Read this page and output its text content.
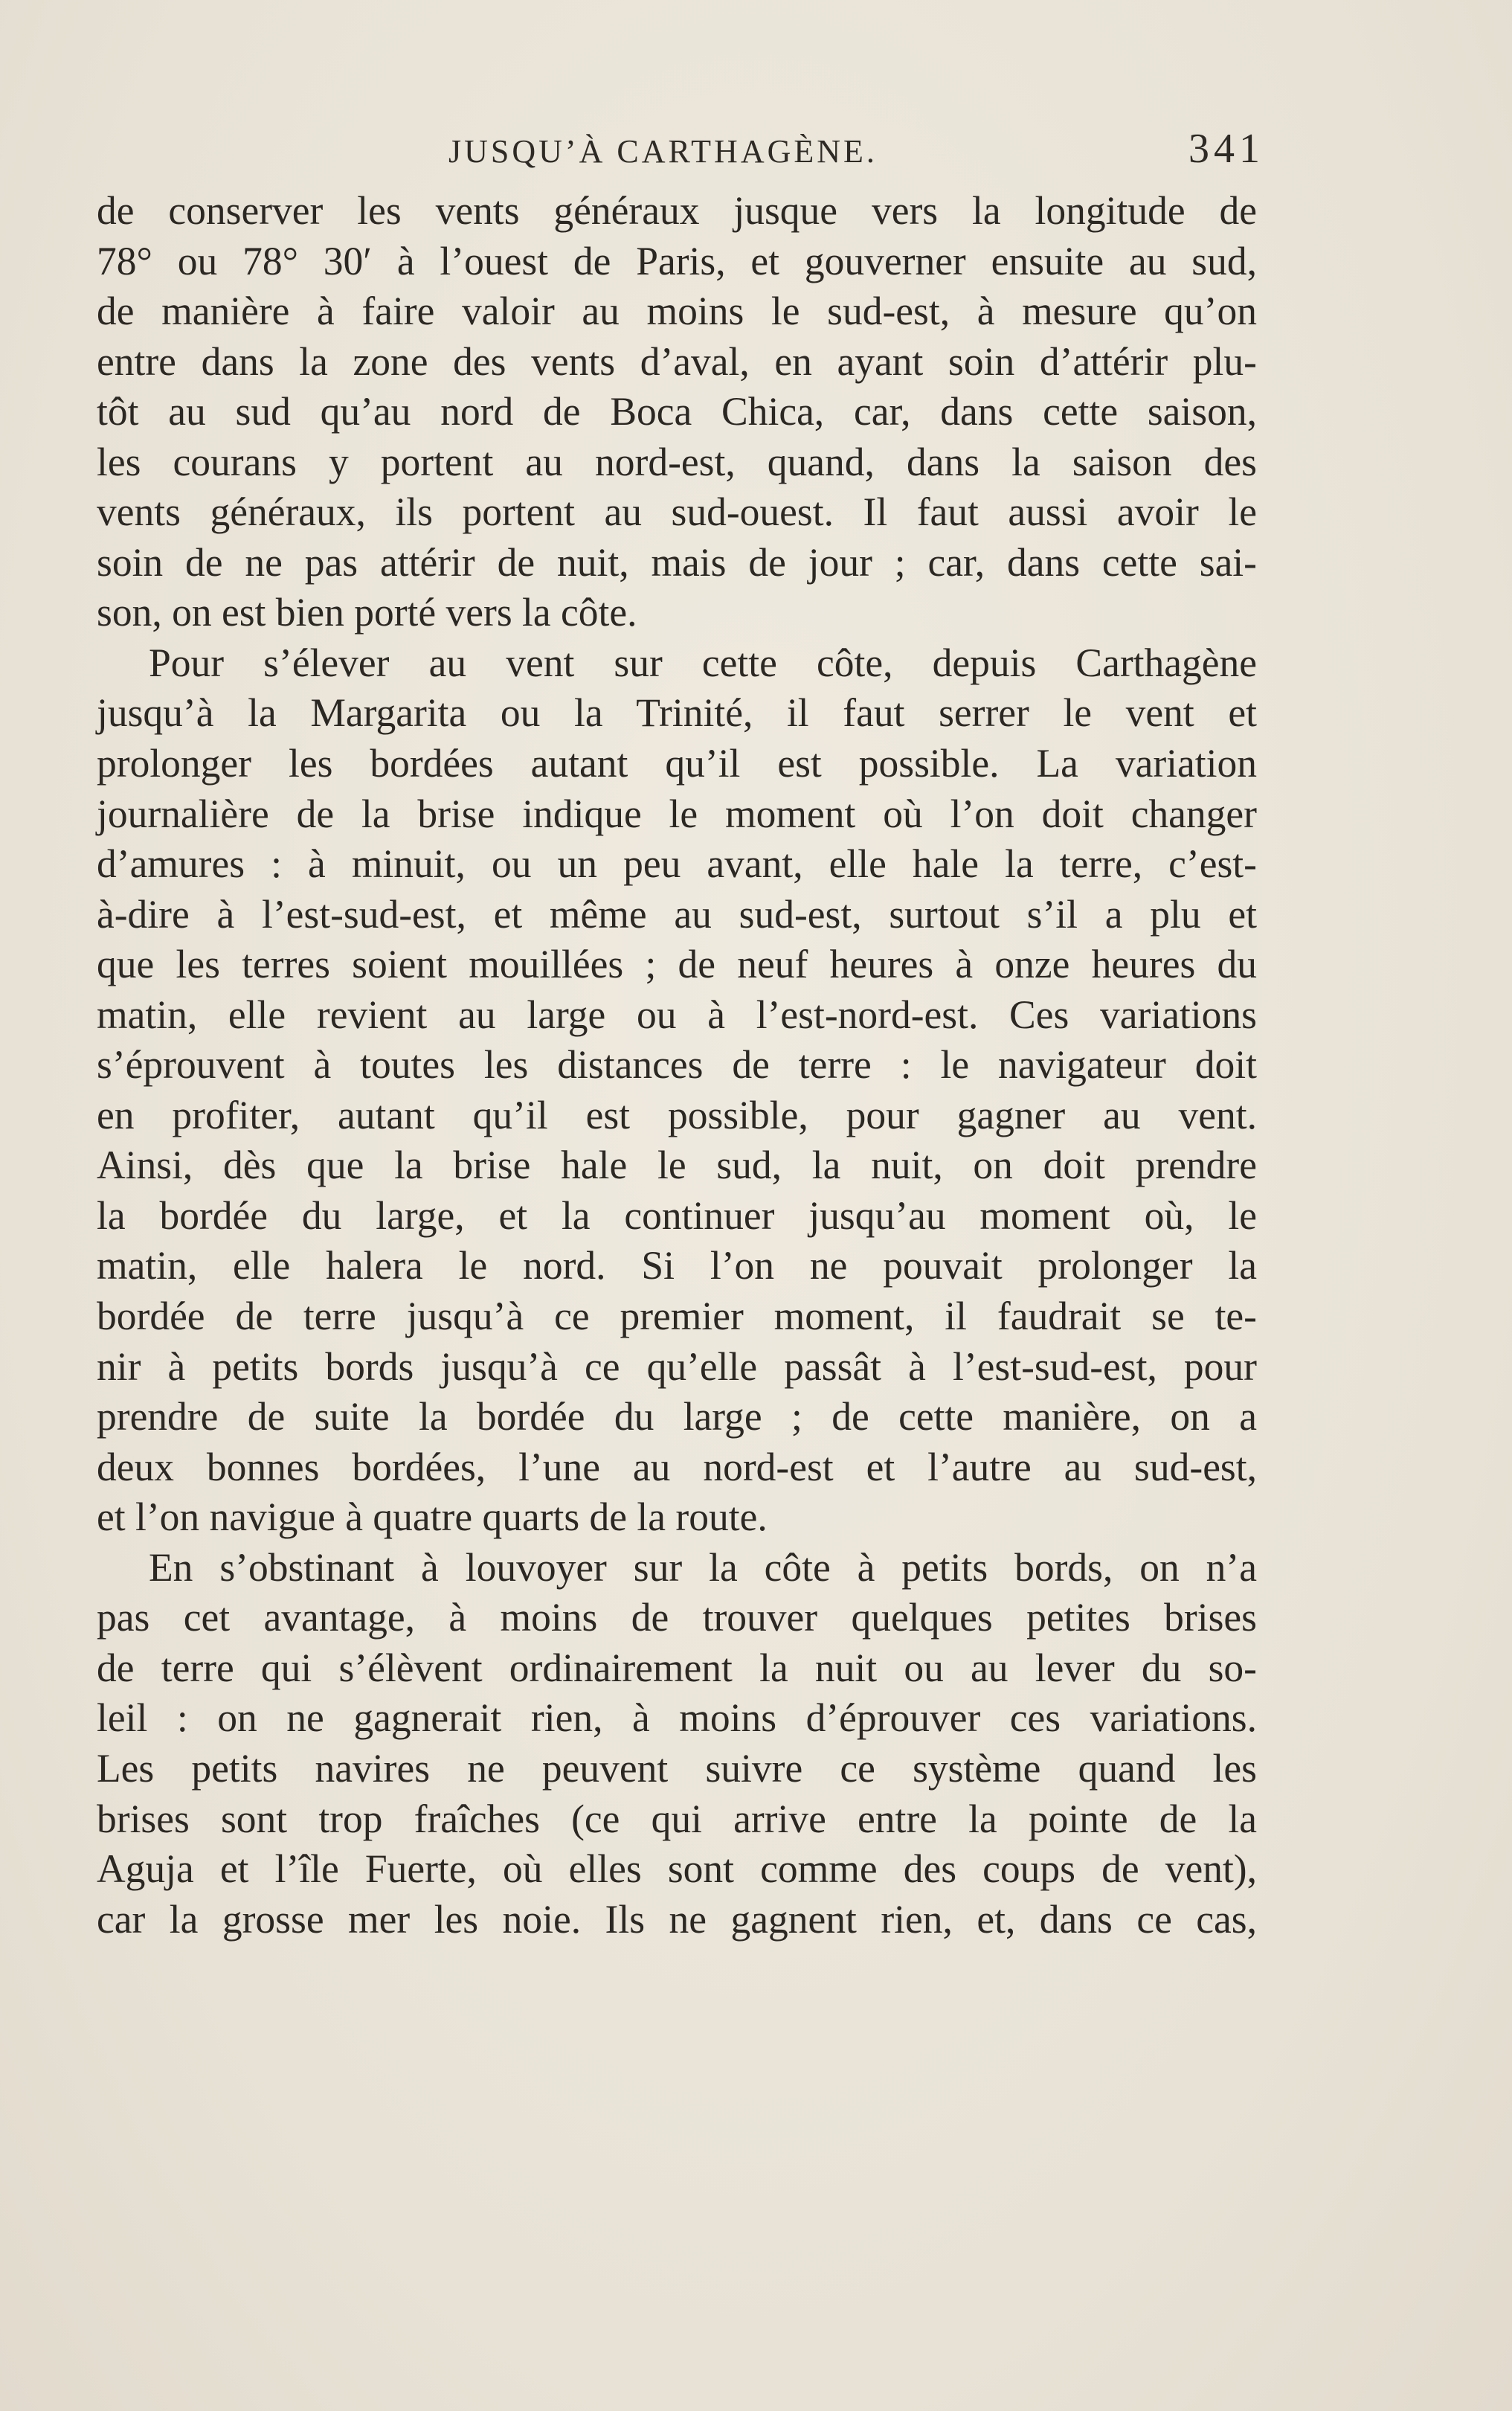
JUSQU’À CARTHAGÈNE.	341
de conserver les vents généraux jusque vers la longitude de
78° ou 78° 30′ à l’ouest de Paris, et gouverner ensuite au sud,
de manière à faire valoir au moins le sud-est, à mesure qu’on
entre dans la zone des vents d’aval, en ayant soin d’attérir plu-
tôt au sud qu’au nord de Boca Chica, car, dans cette saison,
les courans y portent au nord-est, quand, dans la saison des
vents généraux, ils portent au sud-ouest. Il faut aussi avoir le
soin de ne pas attérir de nuit, mais de jour ; car, dans cette sai-
son, on est bien porté vers la côte.
Pour s’élever au vent sur cette côte, depuis Carthagène
jusqu’à la Margarita ou la Trinité, il faut serrer le vent et
prolonger les bordées autant qu’il est possible. La variation
journalière de la brise indique le moment où l’on doit changer
d’amures : à minuit, ou un peu avant, elle hale la terre, c’est-
à-dire à l’est-sud-est, et même au sud-est, surtout s’il a plu et
que les terres soient mouillées ; de neuf heures à onze heures du
matin, elle revient au large ou à l’est-nord-est. Ces variations
s’éprouvent à toutes les distances de terre : le navigateur doit
en profiter, autant qu’il est possible, pour gagner au vent.
Ainsi, dès que la brise hale le sud, la nuit, on doit prendre
la bordée du large, et la continuer jusqu’au moment où, le
matin, elle halera le nord. Si l’on ne pouvait prolonger la
bordée de terre jusqu’à ce premier moment, il faudrait se te-
nir à petits bords jusqu’à ce qu’elle passât à l’est-sud-est, pour
prendre de suite la bordée du large ; de cette manière, on a
deux bonnes bordées, l’une au nord-est et l’autre au sud-est,
et l’on navigue à quatre quarts de la route.
En s’obstinant à louvoyer sur la côte à petits bords, on n’a
pas cet avantage, à moins de trouver quelques petites brises
de terre qui s’élèvent ordinairement la nuit ou au lever du so-
leil : on ne gagnerait rien, à moins d’éprouver ces variations.
Les petits navires ne peuvent suivre ce système quand les
brises sont trop fraîches (ce qui arrive entre la pointe de la
Aguja et l’île Fuerte, où elles sont comme des coups de vent),
car la grosse mer les noie. Ils ne gagnent rien, et, dans ce cas,
